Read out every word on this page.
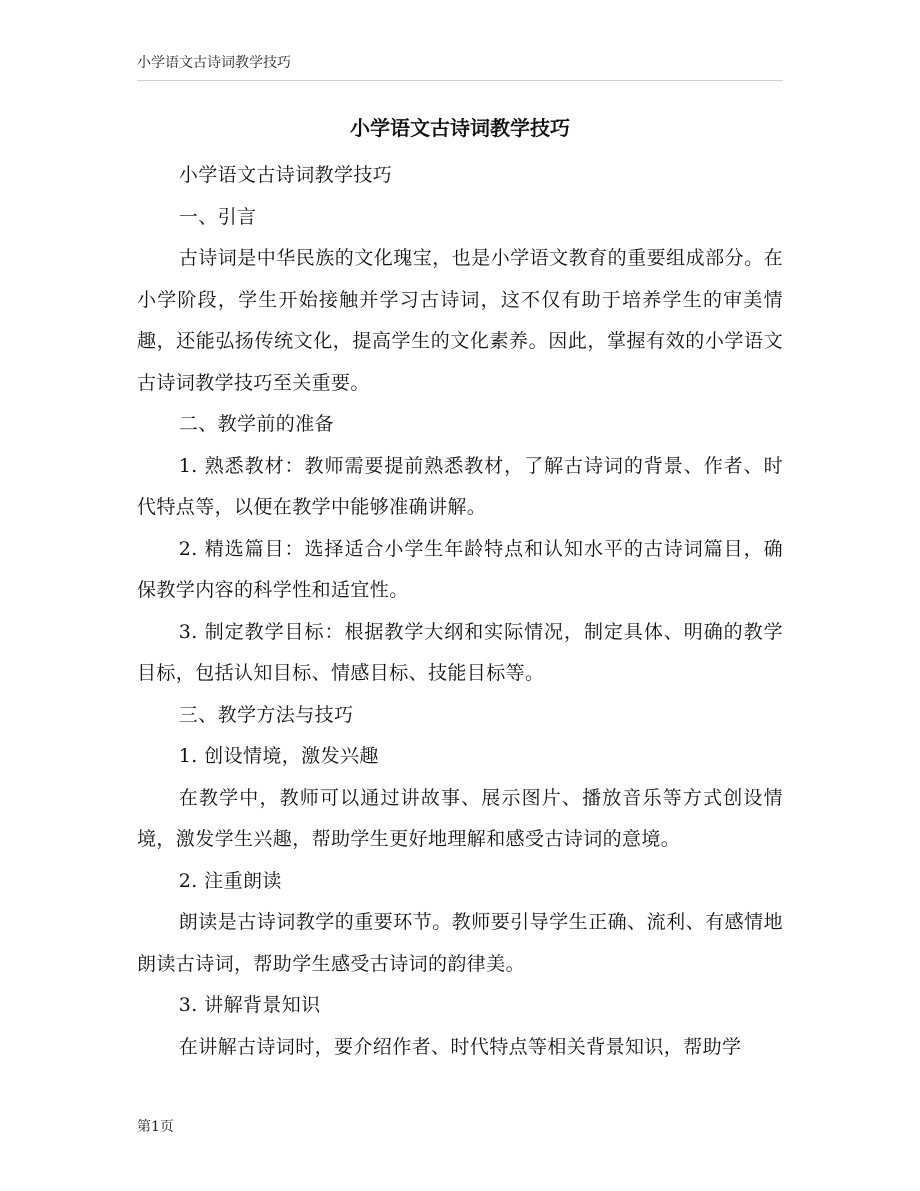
小学语文古诗词教学技巧
小学语文古诗词教学技巧

小学语文古诗词教学技巧

一、引言

古诗词是中华民族的文化瑰宝，也是小学语文教育的重要组成部分。在小学阶段，学生开始接触并学习古诗词，这不仅有助于培养学生的审美情趣，还能弘扬传统文化，提高学生的文化素养。因此，掌握有效的小学语文古诗词教学技巧至关重要。

二、教学前的准备

1. 熟悉教材：教师需要提前熟悉教材，了解古诗词的背景、作者、时代特点等，以便在教学中能够准确讲解。

2. 精选篇目：选择适合小学生年龄特点和认知水平的古诗词篇目，确保教学内容的科学性和适宜性。

3. 制定教学目标：根据教学大纲和实际情况，制定具体、明确的教学目标，包括认知目标、情感目标、技能目标等。

三、教学方法与技巧

1. 创设情境，激发兴趣

在教学中，教师可以通过讲故事、展示图片、播放音乐等方式创设情境，激发学生兴趣，帮助学生更好地理解和感受古诗词的意境。

2. 注重朗读

朗读是古诗词教学的重要环节。教师要引导学生正确、流利、有感情地朗读古诗词，帮助学生感受古诗词的韵律美。

3. 讲解背景知识

在讲解古诗词时，要介绍作者、时代特点等相关背景知识，帮助学

第1页
